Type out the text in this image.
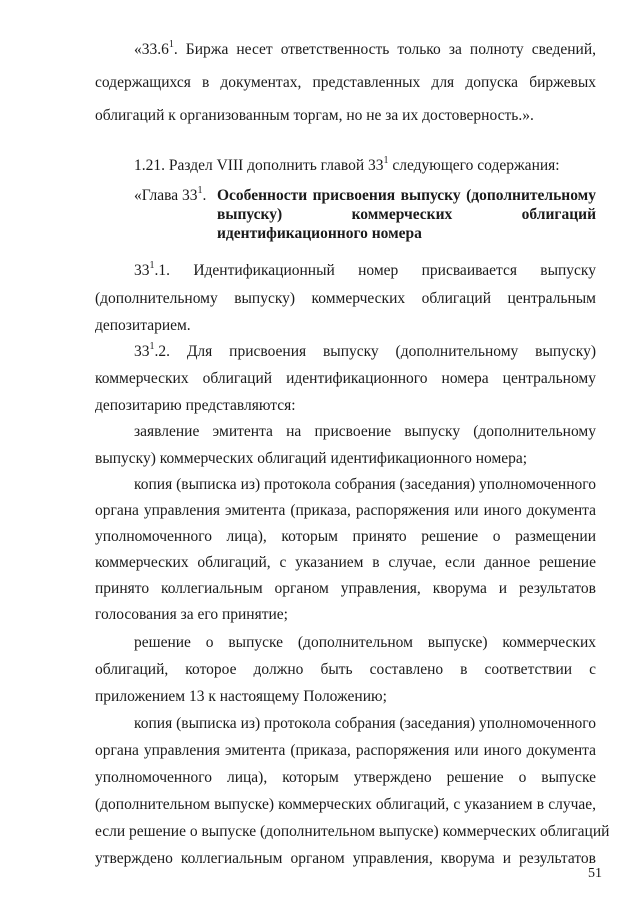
«33.6$^1$. Биржа несет ответственность только за полноту сведений,
содержащихся в документах, представленных для допуска биржевых
облигаций к организованным торгам, но не за их достоверность.».
1.21. Раздел VIII дополнить главой $33^1$ следующего содержания:
«Глава $33^1$. Особенности присвоения выпуску (дополнительному
выпуску) коммерческих облигаций
идентификационного номера
$33^1.1$. Идентификационный номер присваивается выпуску
(дополнительному выпуску) коммерческих облигаций центральным
депозитарием.
$33^1.2$. Для присвоения выпуску (дополнительному выпуску)
коммерческих облигаций идентификационного номера центральному
депозитарию представляются:
заявление эмитента на присвоение выпуску (дополнительному
выпуску) коммерческих облигаций идентификационного номера;
копия (выписка из) протокола собрания (заседания) уполномоченного
органа управления эмитента (приказа, распоряжения или иного документа
уполномоченного лица), которым принято решение о размещении
коммерческих облигаций, с указанием в случае, если данное решение
принято коллегиальным органом управления, кворума и результатов
голосования за его принятие;
решение о выпуске (дополнительном выпуске) коммерческих
облигаций, которое должно быть составлено в соответствии с
приложением 13 к настоящему Положению;
копия (выписка из) протокола собрания (заседания) уполномоченного
органа управления эмитента (приказа, распоряжения или иного документа
уполномоченного лица), которым утверждено решение о выпуске
(дополнительном выпуске) коммерческих облигаций, с указанием в случае,
если решение о выпуске (дополнительном выпуске) коммерческих облигаций
утверждено коллегиальным органом управления, кворума и результатов
51
